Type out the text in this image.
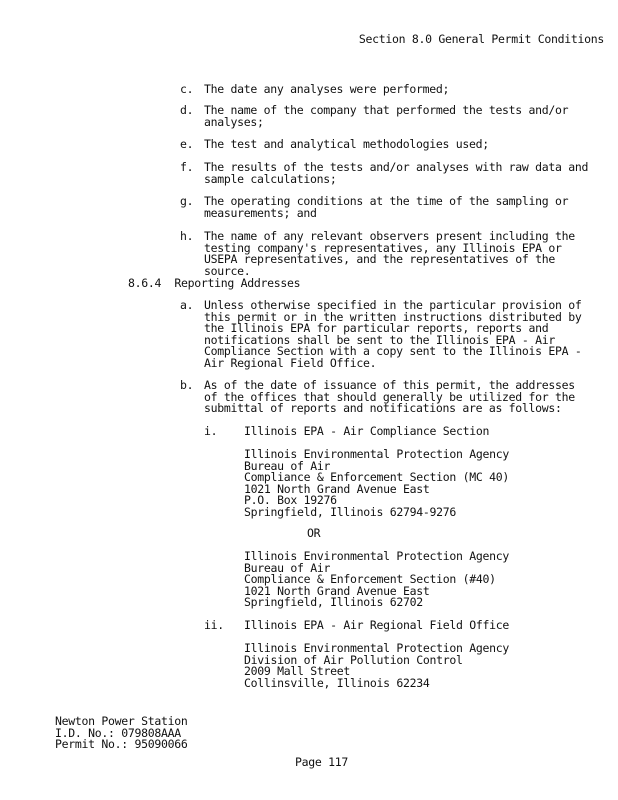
Section 8.0 General Permit Conditions
c. The date any analyses were performed;
d. The name of the company that performed the tests and/or analyses;
e. The test and analytical methodologies used;
f. The results of the tests and/or analyses with raw data and sample calculations;
g. The operating conditions at the time of the sampling or measurements; and
h. The name of any relevant observers present including the testing company's representatives, any Illinois EPA or USEPA representatives, and the representatives of the source.
8.6.4 Reporting Addresses
a. Unless otherwise specified in the particular provision of this permit or in the written instructions distributed by the Illinois EPA for particular reports, reports and notifications shall be sent to the Illinois EPA - Air Compliance Section with a copy sent to the Illinois EPA - Air Regional Field Office.
b. As of the date of issuance of this permit, the addresses of the offices that should generally be utilized for the submittal of reports and notifications are as follows:
i. Illinois EPA - Air Compliance Section
Illinois Environmental Protection Agency
Bureau of Air
Compliance & Enforcement Section (MC 40)
1021 North Grand Avenue East
P.O. Box 19276
Springfield, Illinois 62794-9276
OR
Illinois Environmental Protection Agency
Bureau of Air
Compliance & Enforcement Section (#40)
1021 North Grand Avenue East
Springfield, Illinois 62702
ii. Illinois EPA - Air Regional Field Office
Illinois Environmental Protection Agency
Division of Air Pollution Control
2009 Mall Street
Collinsville, Illinois 62234
Newton Power Station
I.D. No.: 079808AAA
Permit No.: 95090066
Page 117
